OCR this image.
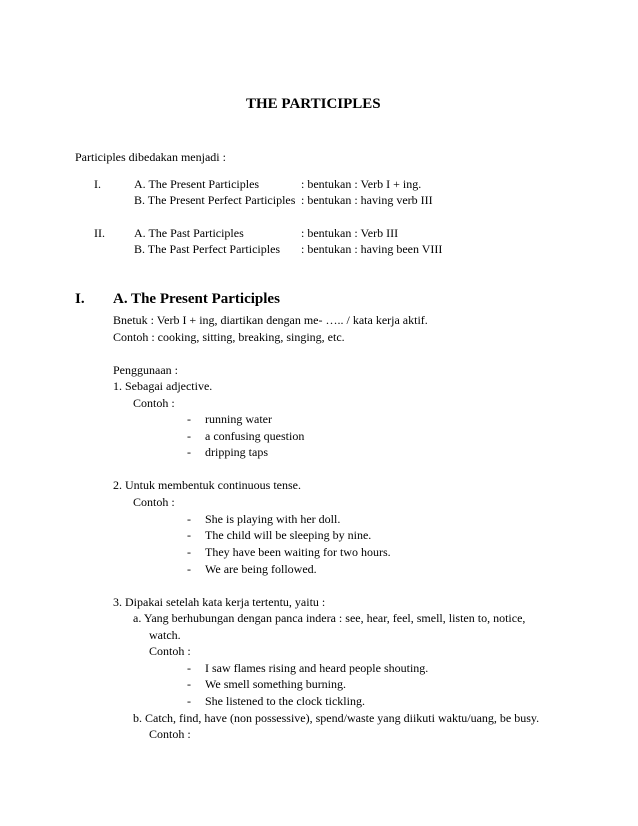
THE PARTICIPLES
Participles dibedakan menjadi :
I.	A. The Present Participles	: bentukan : Verb I + ing.
B. The Present Perfect Participles : bentukan : having verb III
II. A. The Past Participles	: bentukan : Verb III
B. The Past Perfect Participles : bentukan : having been VIII
I. A. The Present Participles
Bnetuk : Verb I + ing, diartikan dengan me- ….. / kata kerja aktif.
Contoh : cooking, sitting, breaking, singing, etc.
Penggunaan :
1. Sebagai adjective.
Contoh :
- running water
- a confusing question
- dripping taps
2. Untuk membentuk continuous tense.
Contoh :
- She is playing with her doll.
- The child will be sleeping by nine.
- They have been waiting for two hours.
- We are being followed.
3. Dipakai setelah kata kerja tertentu, yaitu :
a. Yang berhubungan dengan panca indera : see, hear, feel, smell, listen to, notice,
watch.
Contoh :
- I saw flames rising and heard people shouting.
- We smell something burning.
- She listened to the clock tickling.
b. Catch, find, have (non possessive), spend/waste yang diikuti waktu/uang, be busy.
Contoh :
